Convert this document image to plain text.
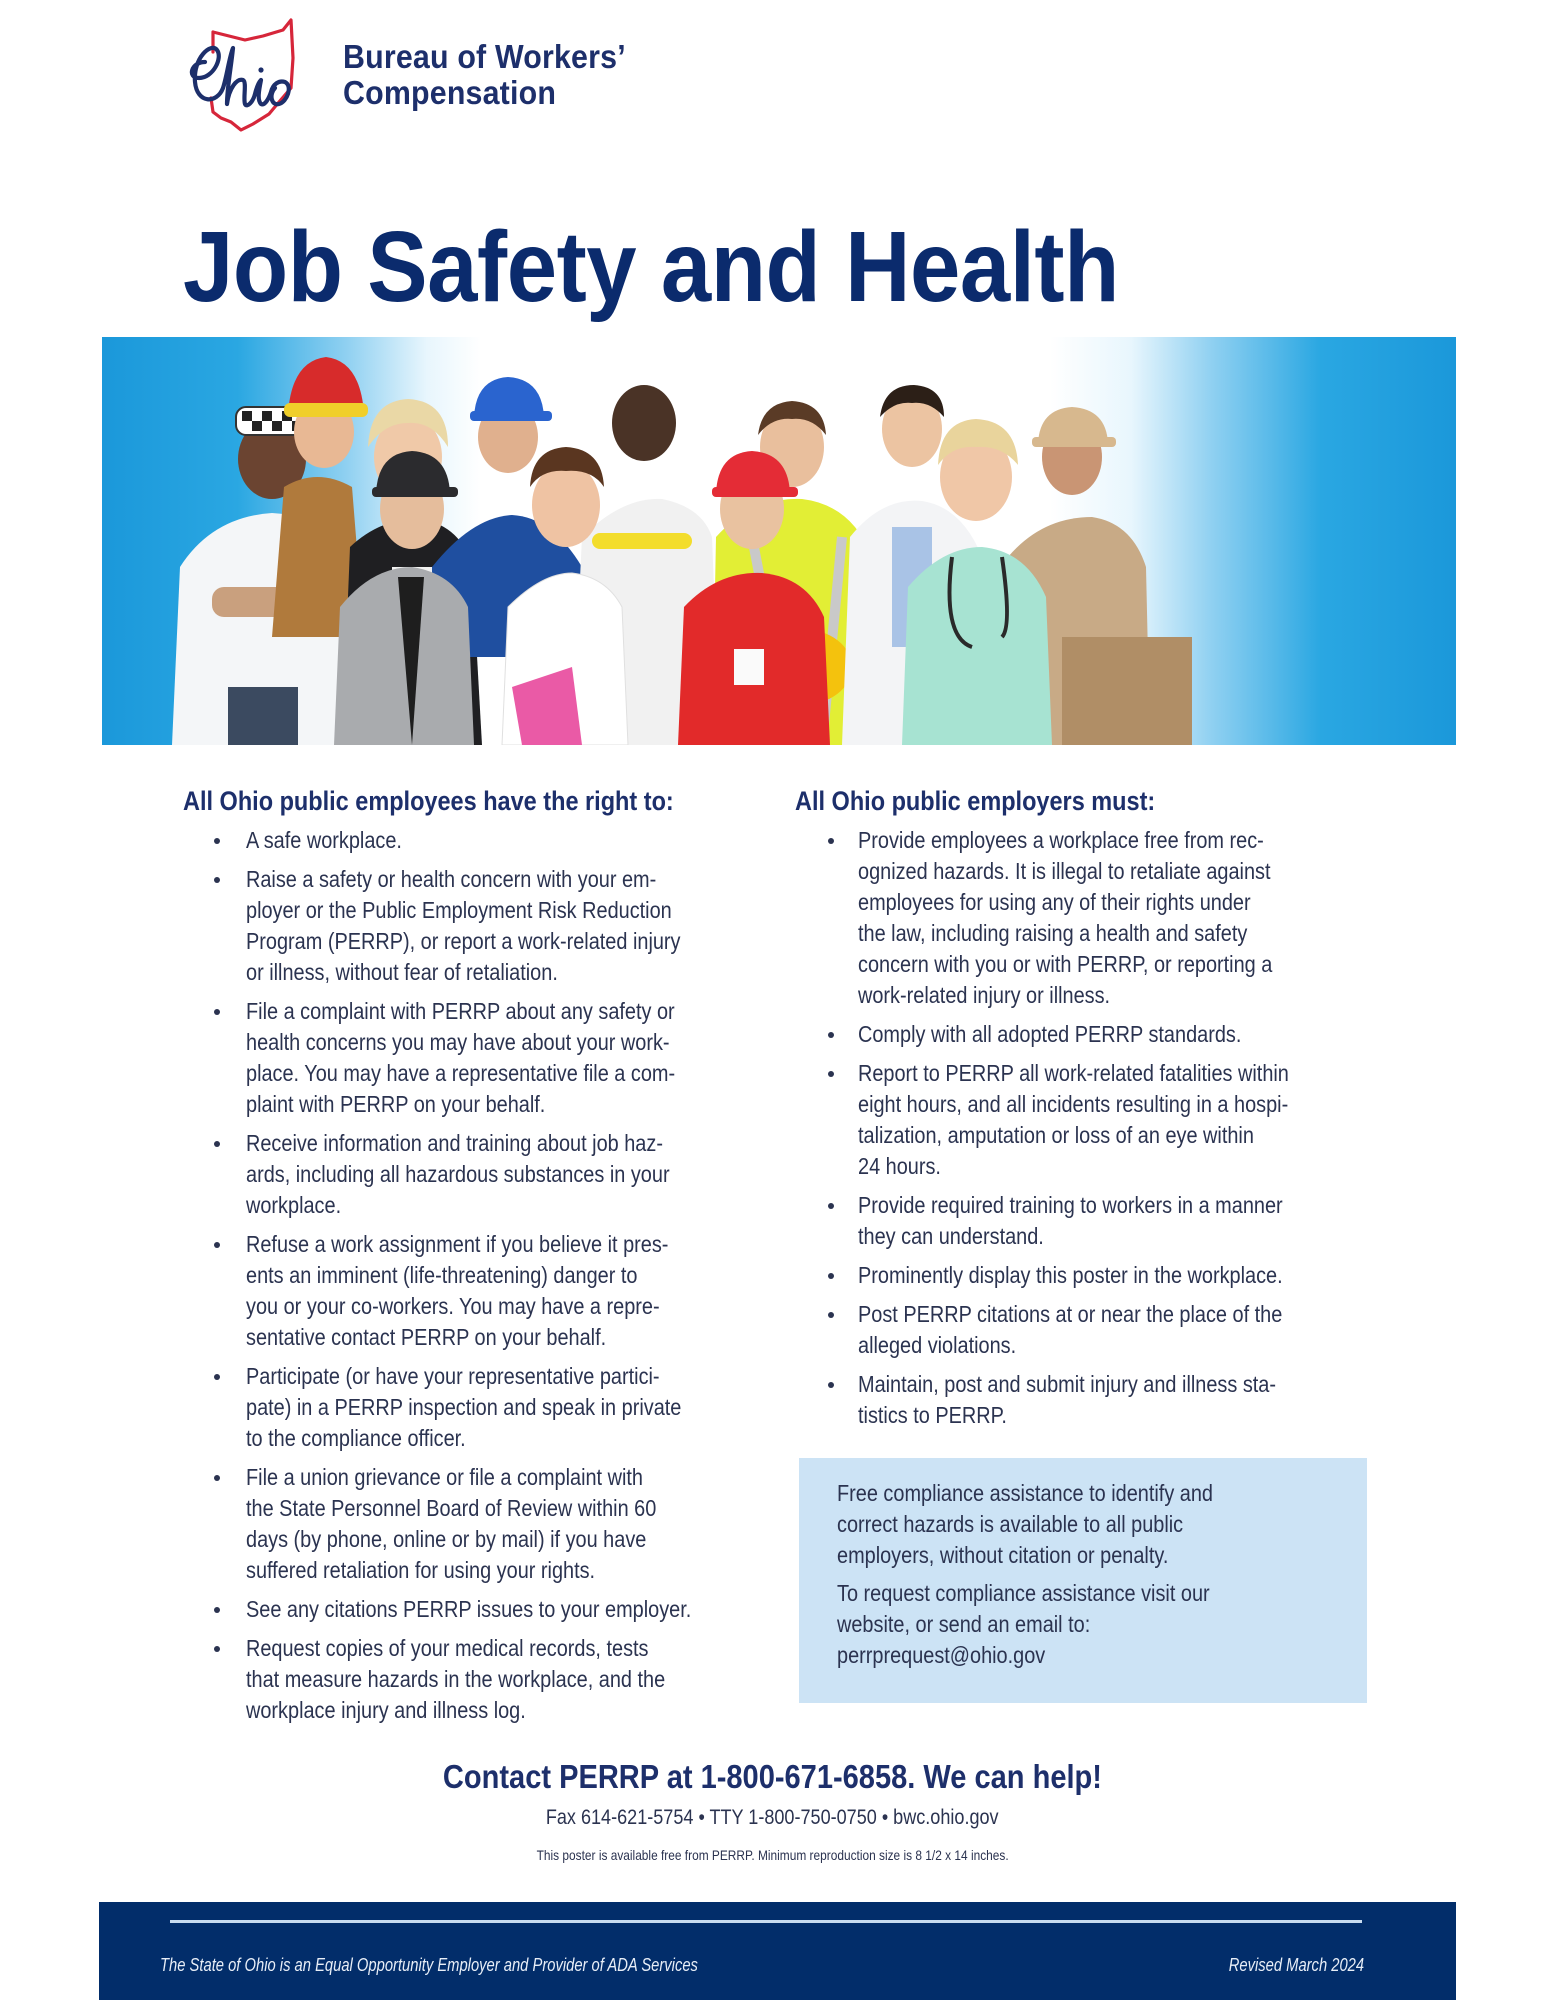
Bureau of Workers’
Compensation
Job Safety and Health
All Ohio public employees have the right to:
A safe workplace.
Raise a safety or health concern with your em-
ployer or the Public Employment Risk Reduction
Program (PERRP), or report a work-related injury
or illness, without fear of retaliation.
File a complaint with PERRP about any safety or
health concerns you may have about your work-
place. You may have a representative file a com-
plaint with PERRP on your behalf.
Receive information and training about job haz-
ards, including all hazardous substances in your
workplace.
Refuse a work assignment if you believe it pres-
ents an imminent (life-threatening) danger to
you or your co-workers. You may have a repre-
sentative contact PERRP on your behalf.
Participate (or have your representative partici-
pate) in a PERRP inspection and speak in private
to the compliance officer.
File a union grievance or file a complaint with
the State Personnel Board of Review within 60
days (by phone, online or by mail) if you have
suffered retaliation for using your rights.
See any citations PERRP issues to your employer.
Request copies of your medical records, tests
that measure hazards in the workplace, and the
workplace injury and illness log.
All Ohio public employers must:
Provide employees a workplace free from rec-
ognized hazards. It is illegal to retaliate against
employees for using any of their rights under
the law, including raising a health and safety
concern with you or with PERRP, or reporting a
work-related injury or illness.
Comply with all adopted PERRP standards.
Report to PERRP all work-related fatalities within
eight hours, and all incidents resulting in a hospi-
talization, amputation or loss of an eye within
24 hours.
Provide required training to workers in a manner
they can understand.
Prominently display this poster in the workplace.
Post PERRP citations at or near the place of the
alleged violations.
Maintain, post and submit injury and illness sta-
tistics to PERRP.
Free compliance assistance to identify and
correct hazards is available to all public
employers, without citation or penalty.
To request compliance assistance visit our
website, or send an email to:
perrprequest@ohio.gov
Contact PERRP at 1-800-671-6858. We can help!
Fax 614-621-5754 • TTY 1-800-750-0750 • bwc.ohio.gov
This poster is available free from PERRP. Minimum reproduction size is 8 1/2 x 14 inches.
The State of Ohio is an Equal Opportunity Employer and Provider of ADA Services	Revised March 2024
